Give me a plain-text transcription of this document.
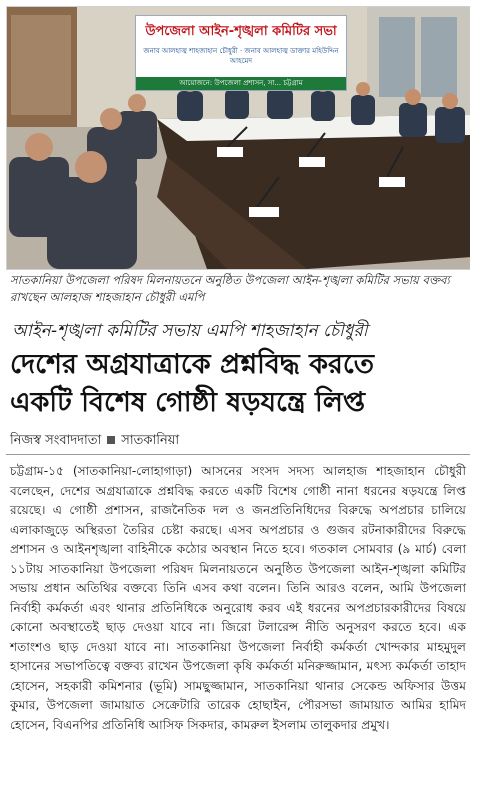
উপজেলা আইন-শৃঙ্খলা কমিটির সভা
জনাব আলহাজ্ব শাহজাহান চৌধুরী · জনাব আলহাজ্ব ডাক্তার মহিউদ্দিন আহমেদ
আয়োজনে: উপজেলা প্রশাসন, সা... চট্টগ্রাম
সাতকানিয়া উপজেলা পরিষদ মিলনায়তনে অনুষ্ঠিত উপজেলা আইন-শৃঙ্খলা কমিটির সভায় বক্তব্য রাখছেন আলহাজ শাহজাহান চৌধুরী এমপি
আইন-শৃঙ্খলা কমিটির সভায় এমপি শাহজাহান চৌধুরী
দেশের অগ্রযাত্রাকে প্রশ্নবিদ্ধ করতে
একটি বিশেষ গোষ্ঠী ষড়যন্ত্রে লিপ্ত
নিজস্ব সংবাদদাতা সাতকানিয়া

চট্টগ্রাম-১৫ (সাতকানিয়া-লোহাগাড়া) আসনের সংসদ সদস্য আলহাজ শাহজাহান চৌধুরী বলেছেন, দেশের অগ্রযাত্রাকে প্রশ্নবিদ্ধ করতে একটি বিশেষ গোষ্ঠী নানা ধরনের ষড়যন্ত্রে লিপ্ত রয়েছে। এ গোষ্ঠী প্রশাসন, রাজনৈতিক দল ও জনপ্রতিনিধিদের বিরুদ্ধে অপপ্রচার চালিয়ে এলাকাজুড়ে অস্থিরতা তৈরির চেষ্টা করছে। এসব অপপ্রচার ও গুজব রটনাকারীদের বিরুদ্ধে প্রশাসন ও আইনশৃঙ্খলা বাহিনীকে কঠোর অবস্থান নিতে হবে। গতকাল সোমবার (৯ মার্চ) বেলা ১১টায় সাতকানিয়া উপজেলা পরিষদ মিলনায়তনে অনুষ্ঠিত উপজেলা আইন-শৃঙ্খলা কমিটির সভায় প্রধান অতিথির বক্তব্যে তিনি এসব কথা বলেন। তিনি আরও বলেন, আমি উপজেলা নির্বাহী কর্মকর্তা এবং থানার প্রতিনিধিকে অনুরোধ করব এই ধরনের অপপ্রচারকারীদের বিষয়ে কোনো অবস্থাতেই ছাড় দেওয়া যাবে না। জিরো টলারেন্স নীতি অনুসরণ করতে হবে। এক শতাংশও ছাড় দেওয়া যাবে না। সাতকানিয়া উপজেলা নির্বাহী কর্মকর্তা খোন্দকার মাহমুদুল হাসানের সভাপতিত্বে বক্তব্য রাখেন উপজেলা কৃষি কর্মকর্তা মনিরুজ্জামান, মৎস্য কর্মকর্তা তাহাদ হোসেন, সহকারী কমিশনার (ভূমি) সামছুজ্জামান, সাতকানিয়া থানার সেকেন্ড অফিসার উত্তম কুমার, উপজেলা জামায়াত সেক্রেটারি তারেক হোছাইন, পৌরসভা জামায়াত আমির হামিদ হোসেন, বিএনপির প্রতিনিধি আসিফ সিকদার, কামরুল ইসলাম তালুকদার প্রমুখ।
